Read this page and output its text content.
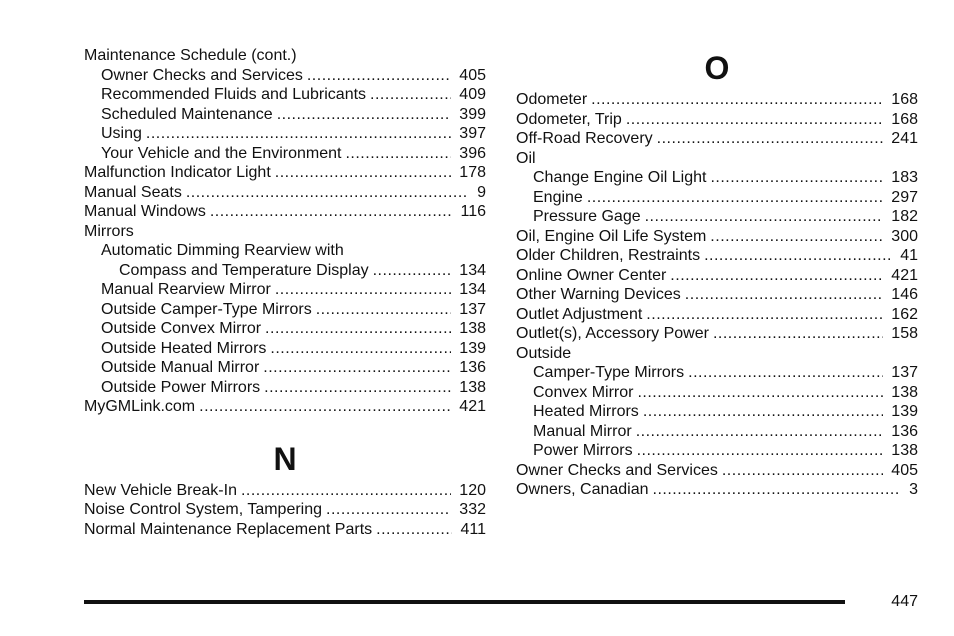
Maintenance Schedule (cont.)
Owner Checks and Services .....	405
Recommended Fluids and Lubricants .....	409
Scheduled Maintenance .....	399
Using .....	397
Your Vehicle and the Environment .....	396
Malfunction Indicator Light .....	178
Manual Seats .....	9
Manual Windows .....	116
Mirrors
Automatic Dimming Rearview with
Compass and Temperature Display .....	134
Manual Rearview Mirror .....	134
Outside Camper-Type Mirrors .....	137
Outside Convex Mirror .....	138
Outside Heated Mirrors .....	139
Outside Manual Mirror .....	136
Outside Power Mirrors .....	138
MyGMLink.com .....	421
N
New Vehicle Break-In .....	120
Noise Control System, Tampering .....	332
Normal Maintenance Replacement Parts .....	411
O
Odometer .....	168
Odometer, Trip .....	168
Off-Road Recovery .....	241
Oil
Change Engine Oil Light .....	183
Engine .....	297
Pressure Gage .....	182
Oil, Engine Oil Life System .....	300
Older Children, Restraints .....	41
Online Owner Center .....	421
Other Warning Devices .....	146
Outlet Adjustment .....	162
Outlet(s), Accessory Power .....	158
Outside
Camper-Type Mirrors .....	137
Convex Mirror .....	138
Heated Mirrors .....	139
Manual Mirror .....	136
Power Mirrors .....	138
Owner Checks and Services .....	405
Owners, Canadian .....	3
447
